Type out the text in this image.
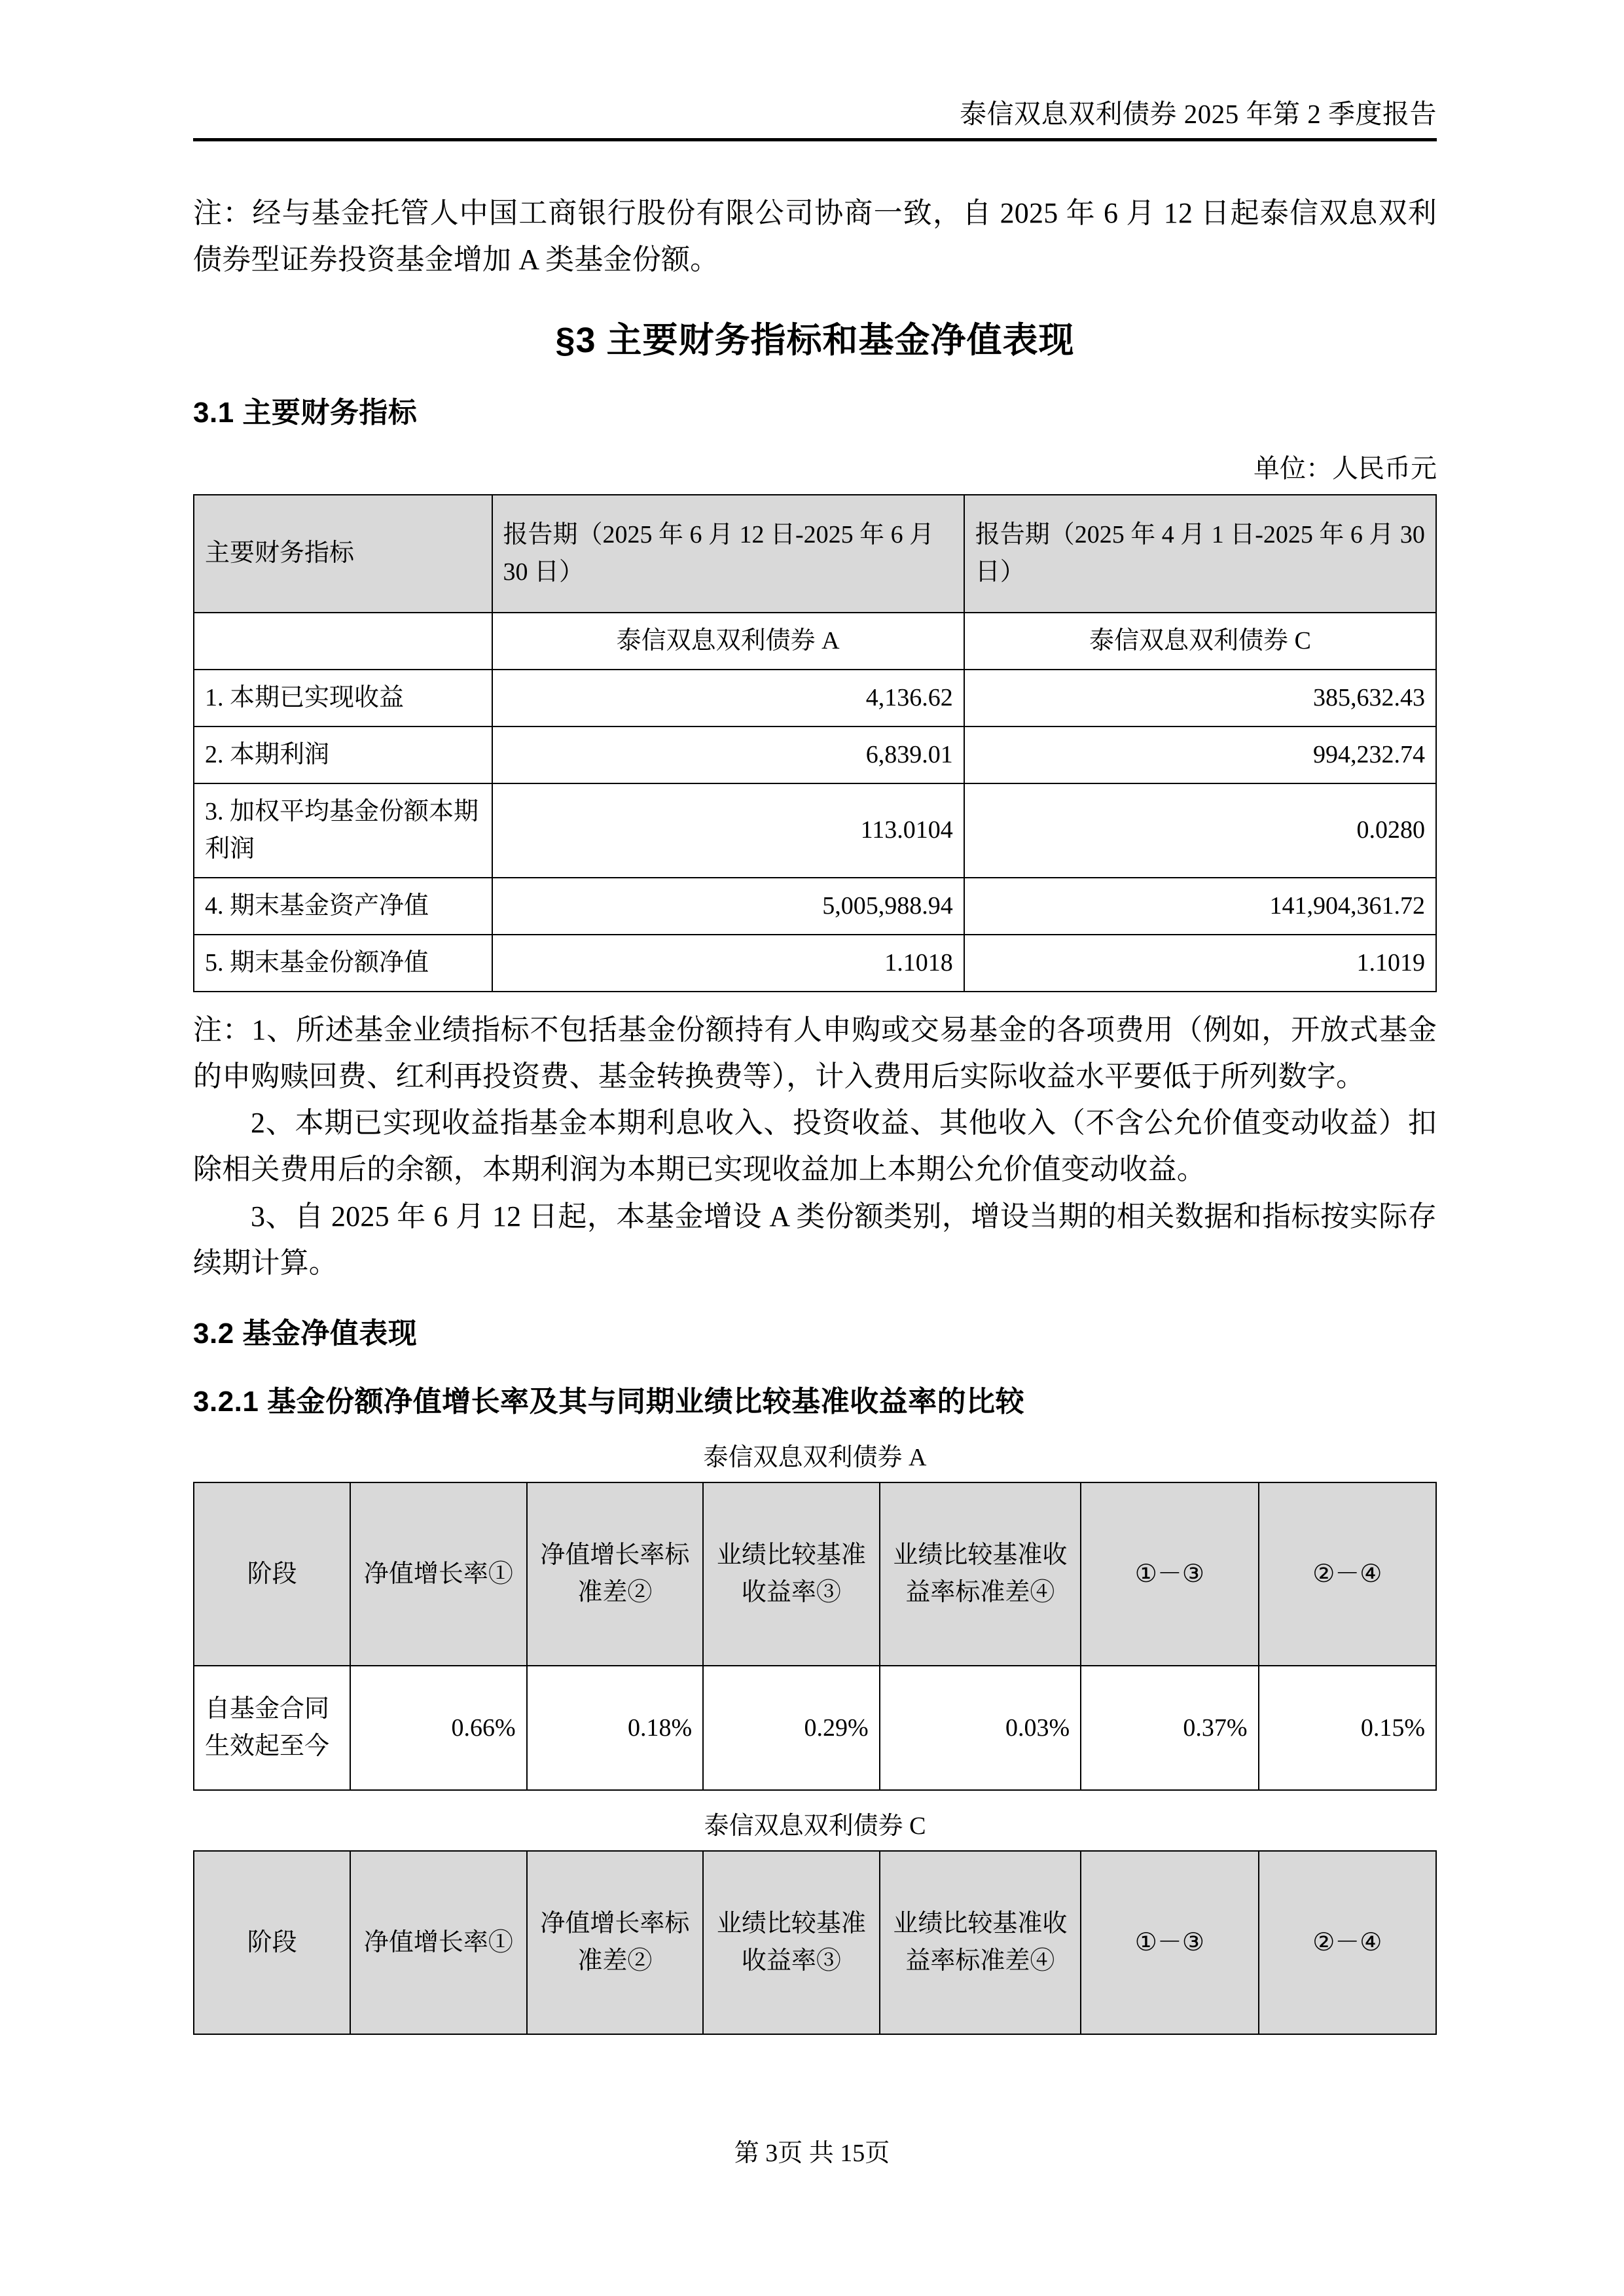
泰信双息双利债券 2025 年第 2 季度报告

注：经与基金托管人中国工商银行股份有限公司协商一致，自 2025 年 6 月 12 日起泰信双息双利债券型证券投资基金增加 A 类基金份额。

§3 主要财务指标和基金净值表现
3.1 主要财务指标
单位：人民币元
主要财务指标	报告期（2025 年 6 月 12 日-2025 年 6 月 30 日）	报告期（2025 年 4 月 1 日-2025 年 6 月 30 日）
	泰信双息双利债券 A	泰信双息双利债券 C
1. 本期已实现收益	4,136.62	385,632.43
2. 本期利润	6,839.01	994,232.74
3. 加权平均基金份额本期利润	113.0104	0.0280
4. 期末基金资产净值	5,005,988.94	141,904,361.72
5. 期末基金份额净值	1.1018	1.1019

注：1、所述基金业绩指标不包括基金份额持有人申购或交易基金的各项费用（例如，开放式基金的申购赎回费、红利再投资费、基金转换费等），计入费用后实际收益水平要低于所列数字。

2、本期已实现收益指基金本期利息收入、投资收益、其他收入（不含公允价值变动收益）扣除相关费用后的余额，本期利润为本期已实现收益加上本期公允价值变动收益。

3、自 2025 年 6 月 12 日起，本基金增设 A 类份额类别，增设当期的相关数据和指标按实际存续期计算。

3.2 基金净值表现
3.2.1 基金份额净值增长率及其与同期业绩比较基准收益率的比较
泰信双息双利债券 A
阶段	净值增长率①	净值增长率标准差②	业绩比较基准收益率③	业绩比较基准收益率标准差④	①－③	②－④
自基金合同生效起至今	0.66%	0.18%	0.29%	0.03%	0.37%	0.15%
泰信双息双利债券 C
阶段	净值增长率①	净值增长率标准差②	业绩比较基准收益率③	业绩比较基准收益率标准差④	①－③	②－④
第 3页 共 15页
